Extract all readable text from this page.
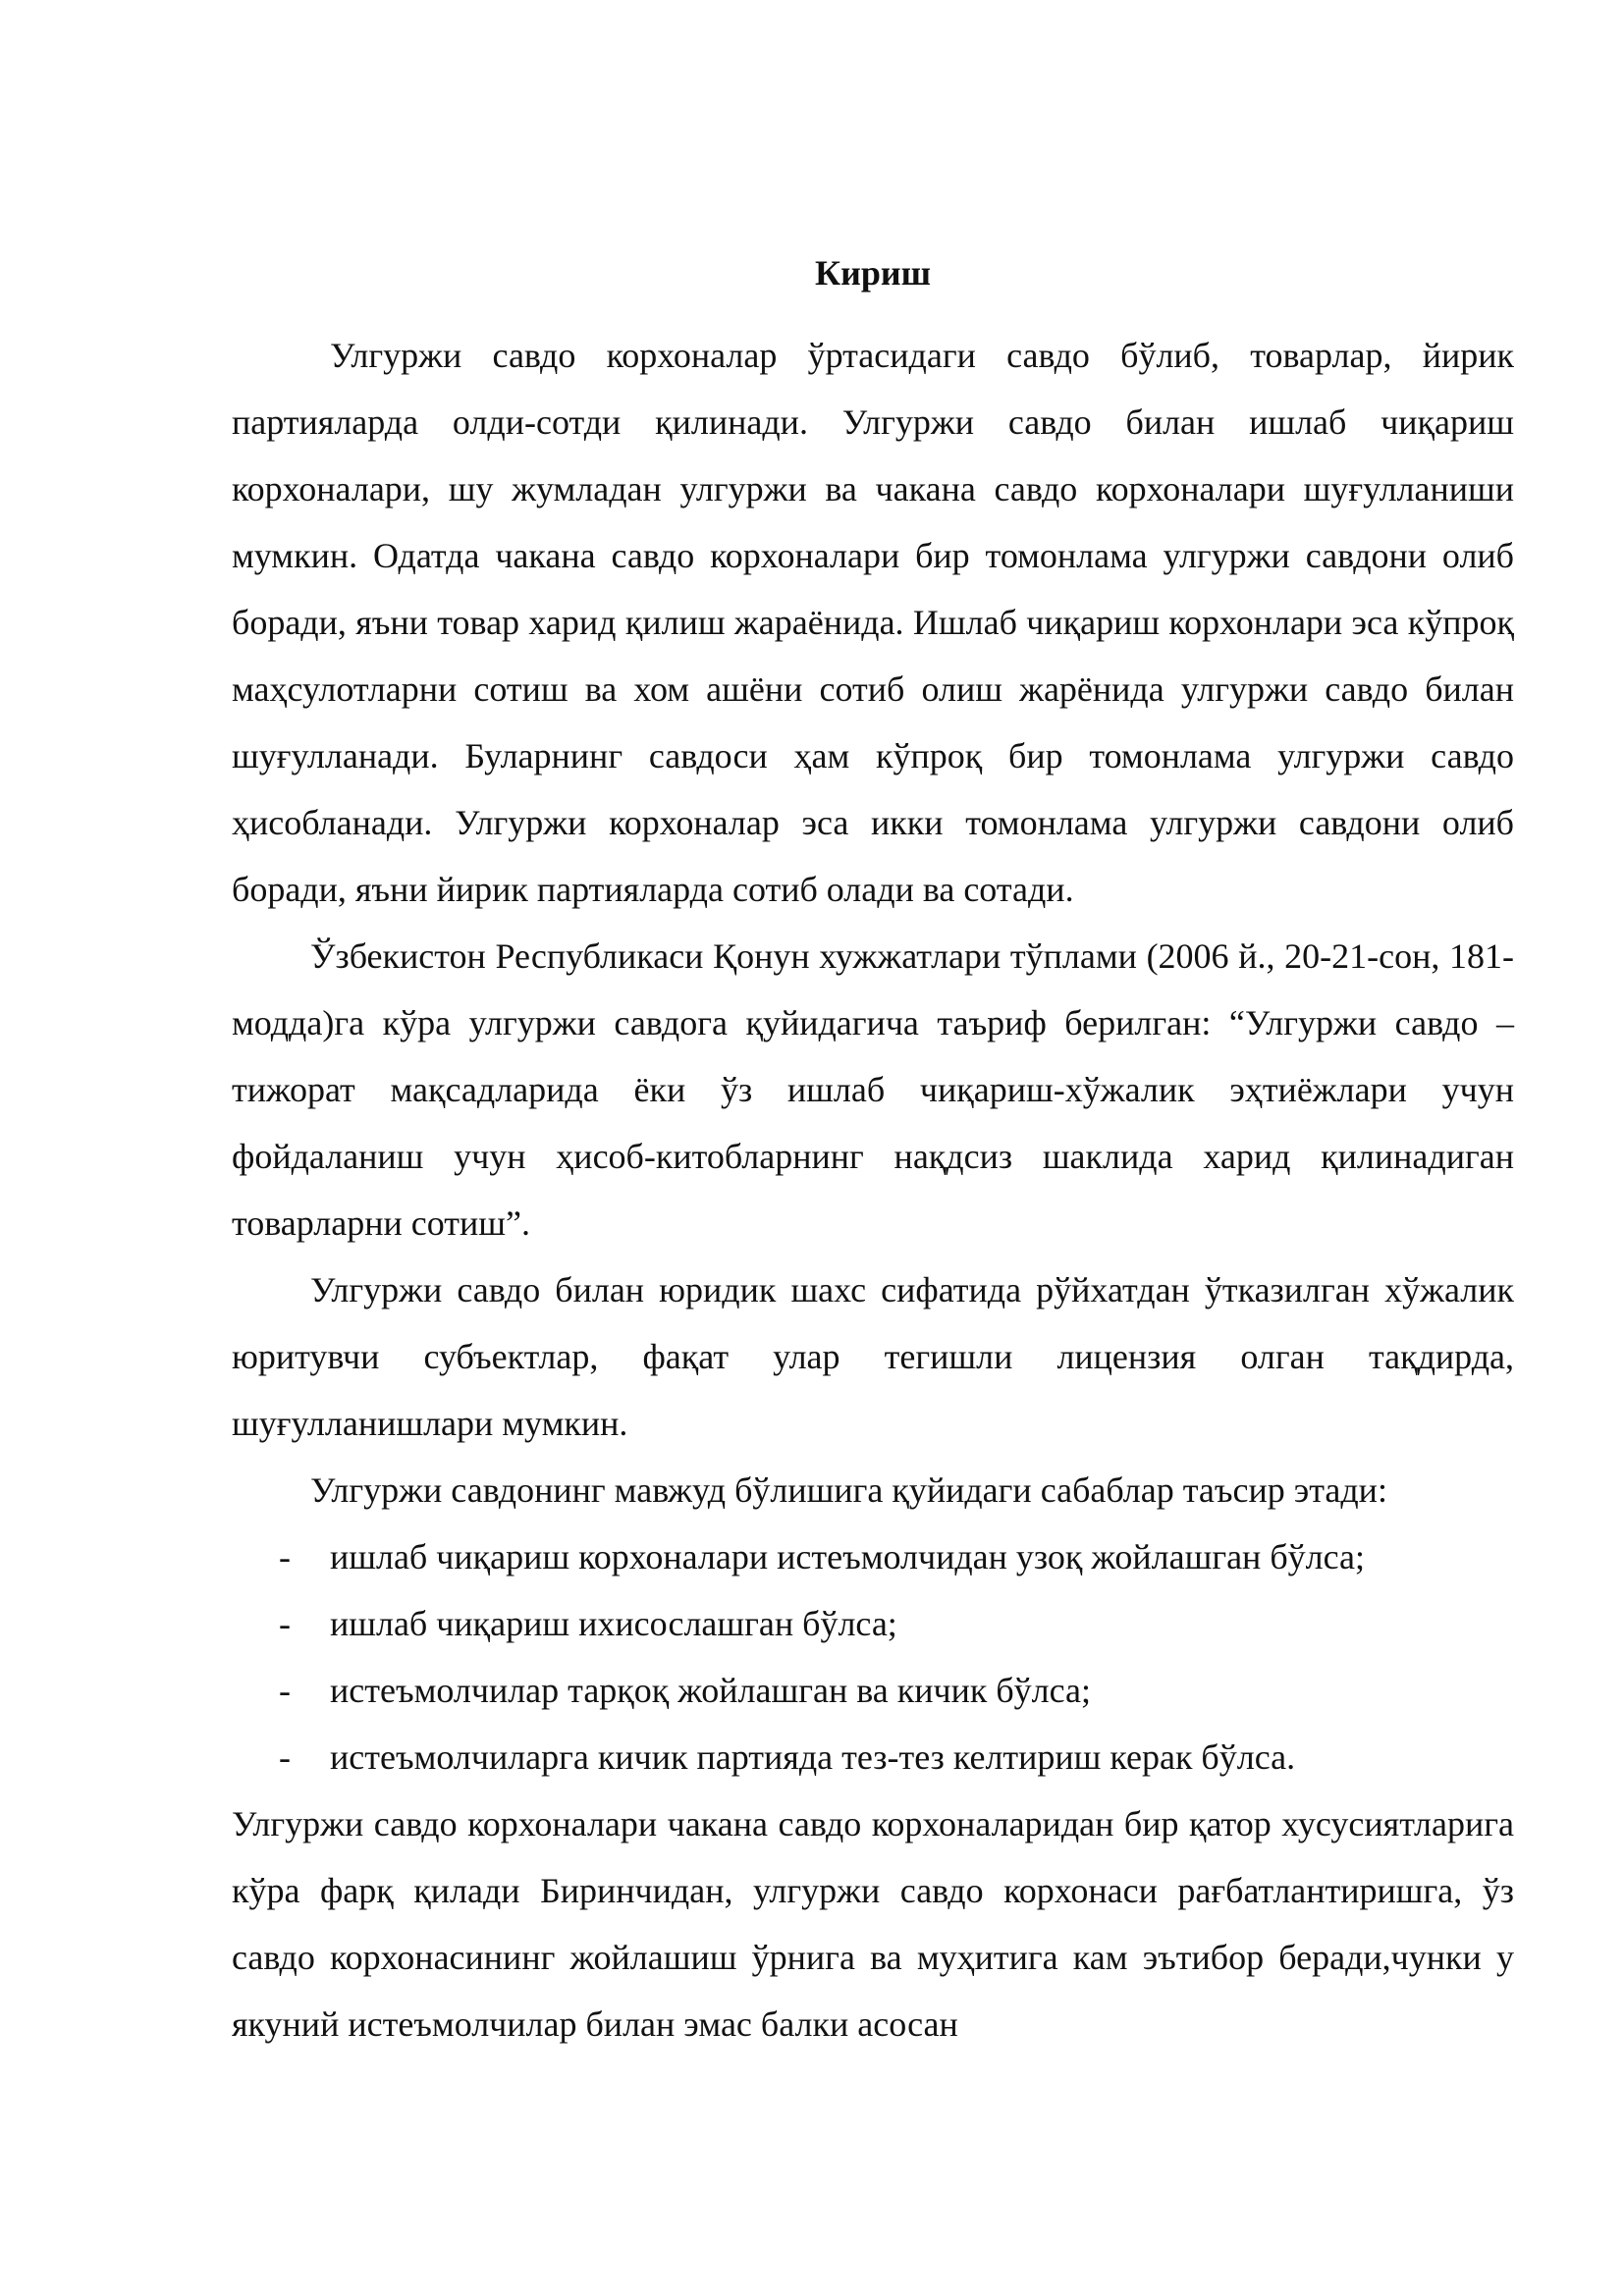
Кириш

Улгуржи савдо корхоналар ўртасидаги савдо бўлиб, товарлар, йирик партияларда олди-сотди қилинади. Улгуржи савдо билан ишлаб чиқариш корхоналари, шу жумладан улгуржи ва чакана савдо корхоналари шуғулланиши мумкин. Одатда чакана савдо корхоналари бир томонлама улгуржи савдони олиб боради, яъни товар харид қилиш жараёнида. Ишлаб чиқариш корхонлари эса кўпроқ маҳсулотларни сотиш ва хом ашёни сотиб олиш жарёнида улгуржи савдо билан шуғулланади. Буларнинг савдоси ҳам кўпроқ бир томонлама улгуржи савдо ҳисобланади. Улгуржи корхоналар эса икки томонлама улгуржи савдони олиб боради, яъни йирик партияларда сотиб олади ва сотади.

Ўзбекистон Республикаси Қонун хужжатлари тўплами (2006 й., 20-21-сон, 181-модда)га кўра улгуржи савдога қуйидагича таъриф берилган: “Улгуржи савдо – тижорат мақсадларида ёки ўз ишлаб чиқариш-хўжалик эҳтиёжлари учун фойдаланиш учун ҳисоб-китобларнинг нақдсиз шаклида харид қилинадиган товарларни сотиш”.

Улгуржи савдо билан юридик шахс сифатида рўйхатдан ўтказилган хўжалик юритувчи субъектлар, фақат улар тегишли лицензия олган тақдирда, шуғулланишлари мумкин.

Улгуржи савдонинг мавжуд бўлишига қуйидаги сабаблар таъсир этади:

- ишлаб чиқариш корхоналари истеъмолчидан узоқ жойлашган бўлса;
- ишлаб чиқариш ихисослашган бўлса;
- истеъмолчилар тарқоқ жойлашган ва кичик бўлса;
- истеъмолчиларга кичик партияда тез-тез келтириш керак бўлса.

Улгуржи савдо корхоналари чакана савдо корхоналаридан бир қатор хусусиятларига кўра фарқ қилади Биринчидан, улгуржи савдо корхонаси рағбатлантиришга, ўз савдо корхонасининг жойлашиш ўрнига ва муҳитига кам эътибор беради,чунки у якуний истеъмолчилар билан эмас балки асосан
